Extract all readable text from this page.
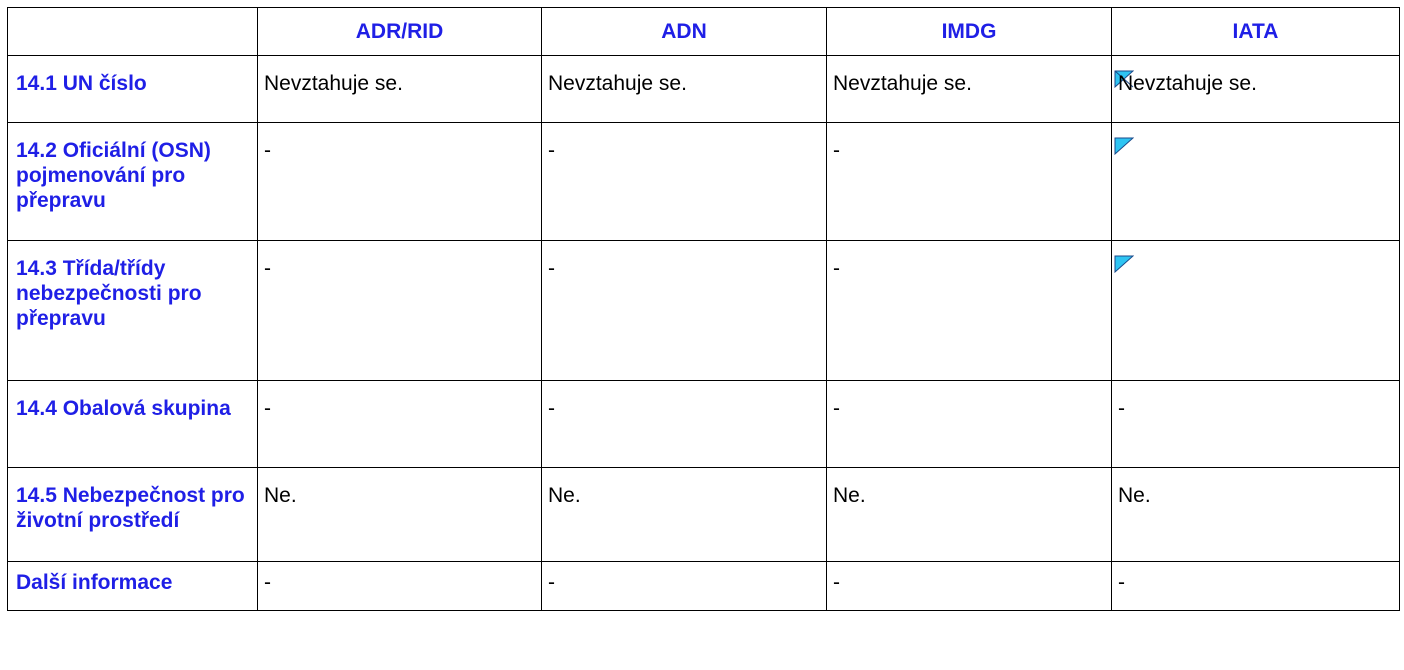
	ADR/RID	ADN	IMDG	IATA
14.1 UN číslo	Nevztahuje se.	Nevztahuje se.	Nevztahuje se.	Nevztahuje se.
14.2 Oficiální (OSN) pojmenování pro přepravu	-	-	-	

14.3 Třída/třídy nebezpečnosti pro přepravu	-	-	-	

14.4 Obalová skupina	-	-	-	-
14.5 Nebezpečnost pro životní prostředí	Ne.	Ne.	Ne.	Ne.
Další informace	-	-	-	-
